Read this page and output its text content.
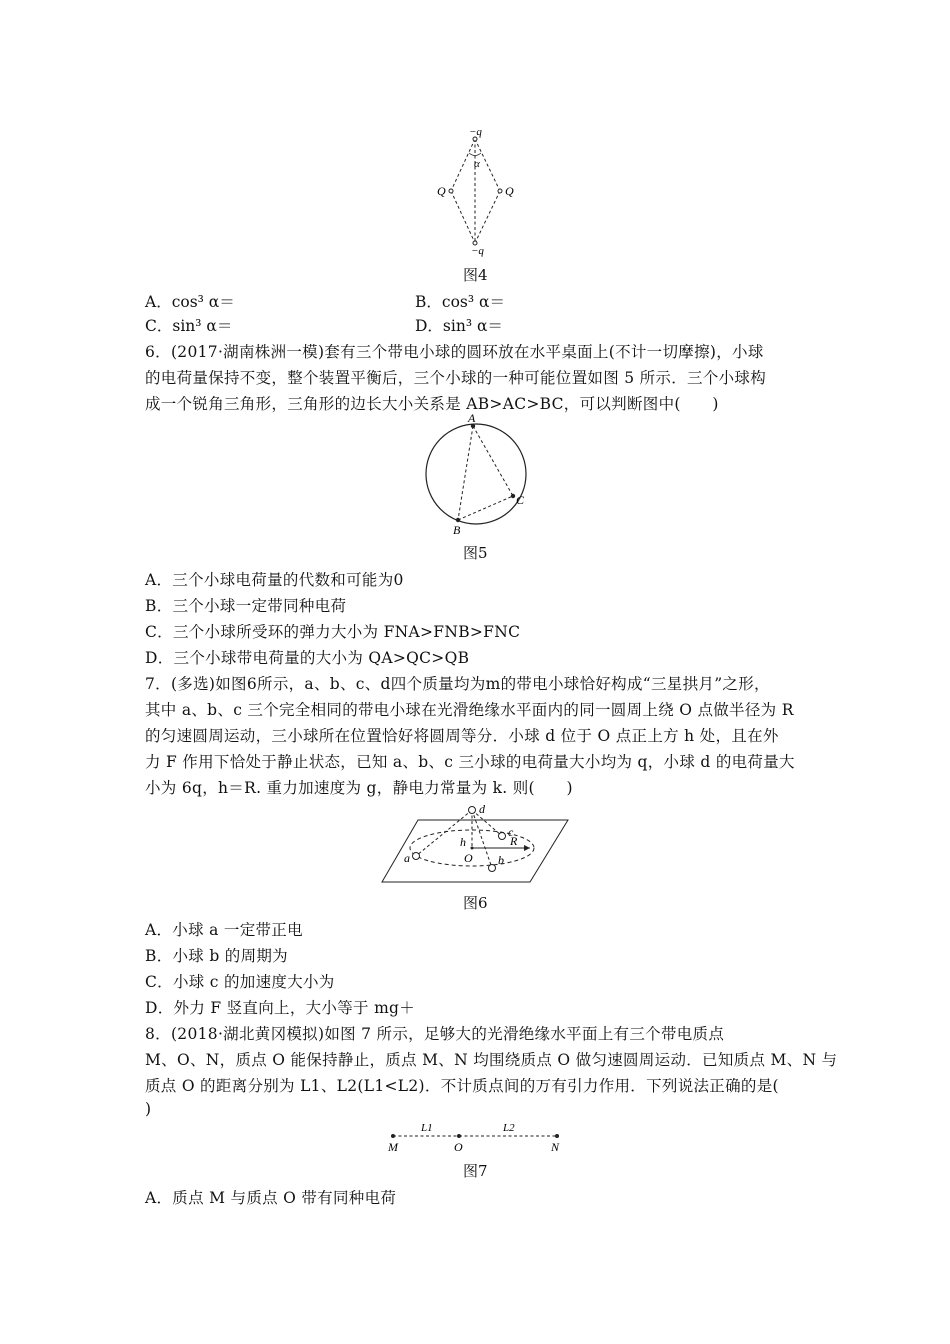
−q
α
Q	Q
−q
图4
A．cos³ α＝	B．cos³ α＝
C．sin³ α＝	D．sin³ α＝
6．(2017·湖南株洲一模)套有三个带电小球的圆环放在水平桌面上(不计一切摩擦)，小球
的电荷量保持不变，整个装置平衡后，三个小球的一种可能位置如图 5 所示．三个小球构
成一个锐角三角形，三角形的边长大小关系是 AB>AC>BC，可以判断图中(　　)
A
B
C
图5
A．三个小球电荷量的代数和可能为0
B．三个小球一定带同种电荷
C．三个小球所受环的弹力大小为 FNA>FNB>FNC
D．三个小球带电荷量的大小为 QA>QC>QB
7．(多选)如图6所示，a、b、c、d四个质量均为m的带电小球恰好构成“三星拱月”之形，
其中 a、b、c 三个完全相同的带电小球在光滑绝缘水平面内的同一圆周上绕 O 点做半径为 R
的匀速圆周运动，三小球所在位置恰好将圆周等分．小球 d 位于 O 点正上方 h 处，且在外
力 F 作用下恰处于静止状态，已知 a、b、c 三小球的电荷量大小均为 q，小球 d 的电荷量大
小为 6q，h＝R. 重力加速度为 g，静电力常量为 k. 则(　　)
d
c
h	R
a	O b
图6
A．小球 a 一定带正电
B．小球 b 的周期为
C．小球 c 的加速度大小为
D．外力 F 竖直向上，大小等于 mg＋
8．(2018·湖北黄冈模拟)如图 7 所示，足够大的光滑绝缘水平面上有三个带电质点
M、O、N，质点 O 能保持静止，质点 M、N 均围绕质点 O 做匀速圆周运动．已知质点 M、N 与
质点 O 的距离分别为 L1、L2(L1<L2)．不计质点间的万有引力作用．下列说法正确的是(
)
L1	L2
M	O	N
图7
A．质点 M 与质点 O 带有同种电荷
